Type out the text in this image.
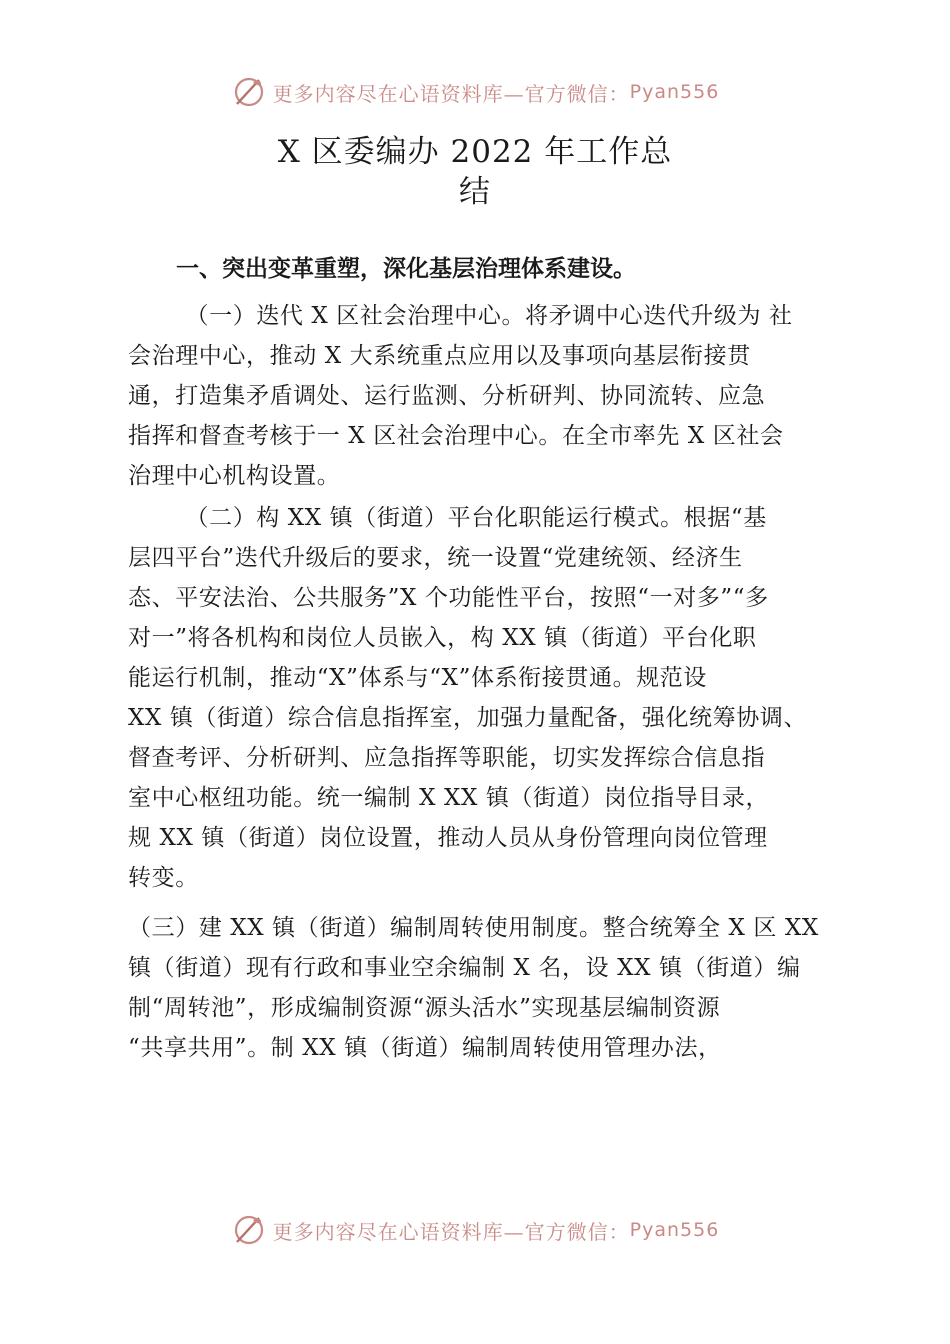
更多内容尽在心语资料库—官方微信： Pyan556
X 区委编办 2022 年工作总
结
一、突出变革重塑，深化基层治理体系建设。

（一）迭代 X 区社会治理中心。将矛调中心迭代升级为 社
会治理中心，推动 X 大系统重点应用以及事项向基层衔接贯
通，打造集矛盾调处、运行监测、分析研判、协同流转、应急
指挥和督查考核于一 X 区社会治理中心。在全市率先 X 区社会
治理中心机构设置。

（二）构 XX 镇（街道）平台化职能运行模式。根据“基
层四平台”迭代升级后的要求，统一设置“党建统领、经济生
态、平安法治、公共服务”X 个功能性平台，按照“一对多”“多
对一”将各机构和岗位人员嵌入，构 XX 镇（街道）平台化职
能运行机制，推动“X”体系与“X”体系衔接贯通。规范设
XX 镇（街道）综合信息指挥室，加强力量配备，强化统筹协调、
督查考评、分析研判、应急指挥等职能，切实发挥综合信息指
室中心枢纽功能。统一编制 X XX 镇（街道）岗位指导目录，
规 XX 镇（街道）岗位设置，推动人员从身份管理向岗位管理
转变。

（三）建 XX 镇（街道）编制周转使用制度。整合统筹全 X 区 XX
镇（街道）现有行政和事业空余编制 X 名，设 XX 镇（街道）编
制“周转池”，形成编制资源“源头活水”实现基层编制资源
“共享共用”。制 XX 镇（街道）编制周转使用管理办法，

更多内容尽在心语资料库—官方微信： Pyan556
